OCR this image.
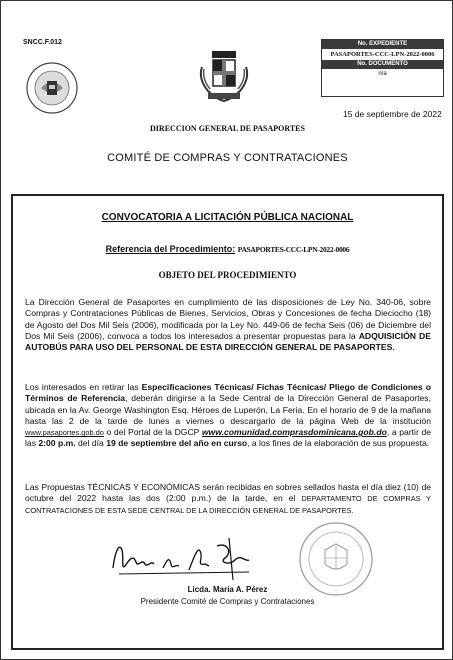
SNCC.F.012	No. EXPEDIENTE
PASAPORTES-CCC-LPN-2022-0006
No. DOCUMENTO
n/a
15 de septiembre de 2022
DIRECCION GENERAL DE PASAPORTES
COMITÉ DE COMPRAS Y CONTRATACIONES
CONVOCATORIA A LICITACIÓN PÚBLICA NACIONAL
Referencia del Procedimiento: PASAPORTES-CCC-LPN-2022-0006
OBJETO DEL PROCEDIMIENTO
La Dirección General de Pasaportes en cumplimiento de las disposiciones de Ley No. 340-06, sobre Compras y Contrataciones Públicas de Bienes, Servicios, Obras y Concesiones de fecha Dieciocho (18) de Agosto del Dos Mil Seis (2006), modificada por la Ley No. 449-06 de fecha Seis (06) de Diciembre del Dos Mil Seis (2006), convoca a todos los interesados a presentar propuestas para la ADQUISICIÓN DE AUTOBÚS PARA USO DEL PERSONAL DE ESTA DIRECCIÓN GENERAL DE PASAPORTES.
Los interesados en retirar las Especificaciones Técnicas/ Fichas Técnicas/ Pliego de Condiciones o Términos de Referencia, deberán dirigirse a la Sede Central de la Dirección General de Pasaportes, ubicada en la Av. George Washington Esq. Héroes de Luperón, La Feria. En el horario de 9 de la mañana hasta las 2 de la tarde de lunes a viernes o descargarlo de la página Web de la institución www.pasaportes.gob.do o del Portal de la DGCP www.comunidad.comprasdominicana.gob.do, a partir de las 2:00 p.m. del día 19 de septiembre del año en curso, a los fines de la elaboración de sus propuesta.
Las Propuestas TÉCNICAS Y ECONÓMICAS serán recibidas en sobres sellados hasta el día diez (10) de octubre del 2022 hasta las dos (2:00 p.m.) de la tarde, en el DEPARTAMENTO DE COMPRAS Y CONTRATACIONES DE ESTA SEDE CENTRAL DE LA DIRECCIÓN GENERAL DE PASAPORTES.
Licda. María A. Pérez
Presidente Comité de Compras y Contrataciones
